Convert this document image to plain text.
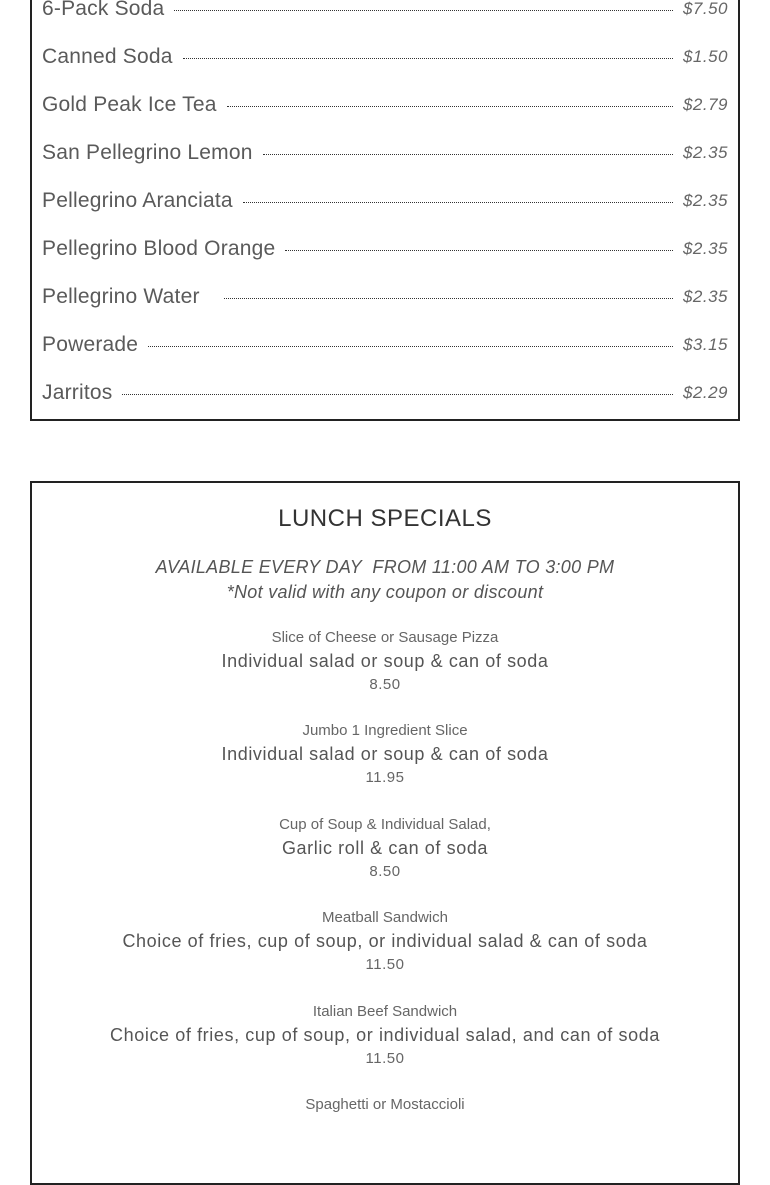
6-Pack Soda	$7.50
Canned Soda	$1.50
Gold Peak Ice Tea	$2.79
San Pellegrino Lemon	$2.35
Pellegrino Aranciata	$2.35
Pellegrino Blood Orange	$2.35
Pellegrino Water	$2.35
Powerade	$3.15
Jarritos	$2.29
LUNCH SPECIALS
AVAILABLE EVERY DAY  FROM 11:00 AM TO 3:00 PM
*Not valid with any coupon or discount
Slice of Cheese or Sausage Pizza
Individual salad or soup & can of soda
8.50
Jumbo 1 Ingredient Slice
Individual salad or soup & can of soda
11.95
Cup of Soup & Individual Salad,
Garlic roll & can of soda
8.50
Meatball Sandwich
Choice of fries, cup of soup, or individual salad & can of soda
11.50
Italian Beef Sandwich
Choice of fries, cup of soup, or individual salad, and can of soda
11.50
Spaghetti or Mostaccioli
